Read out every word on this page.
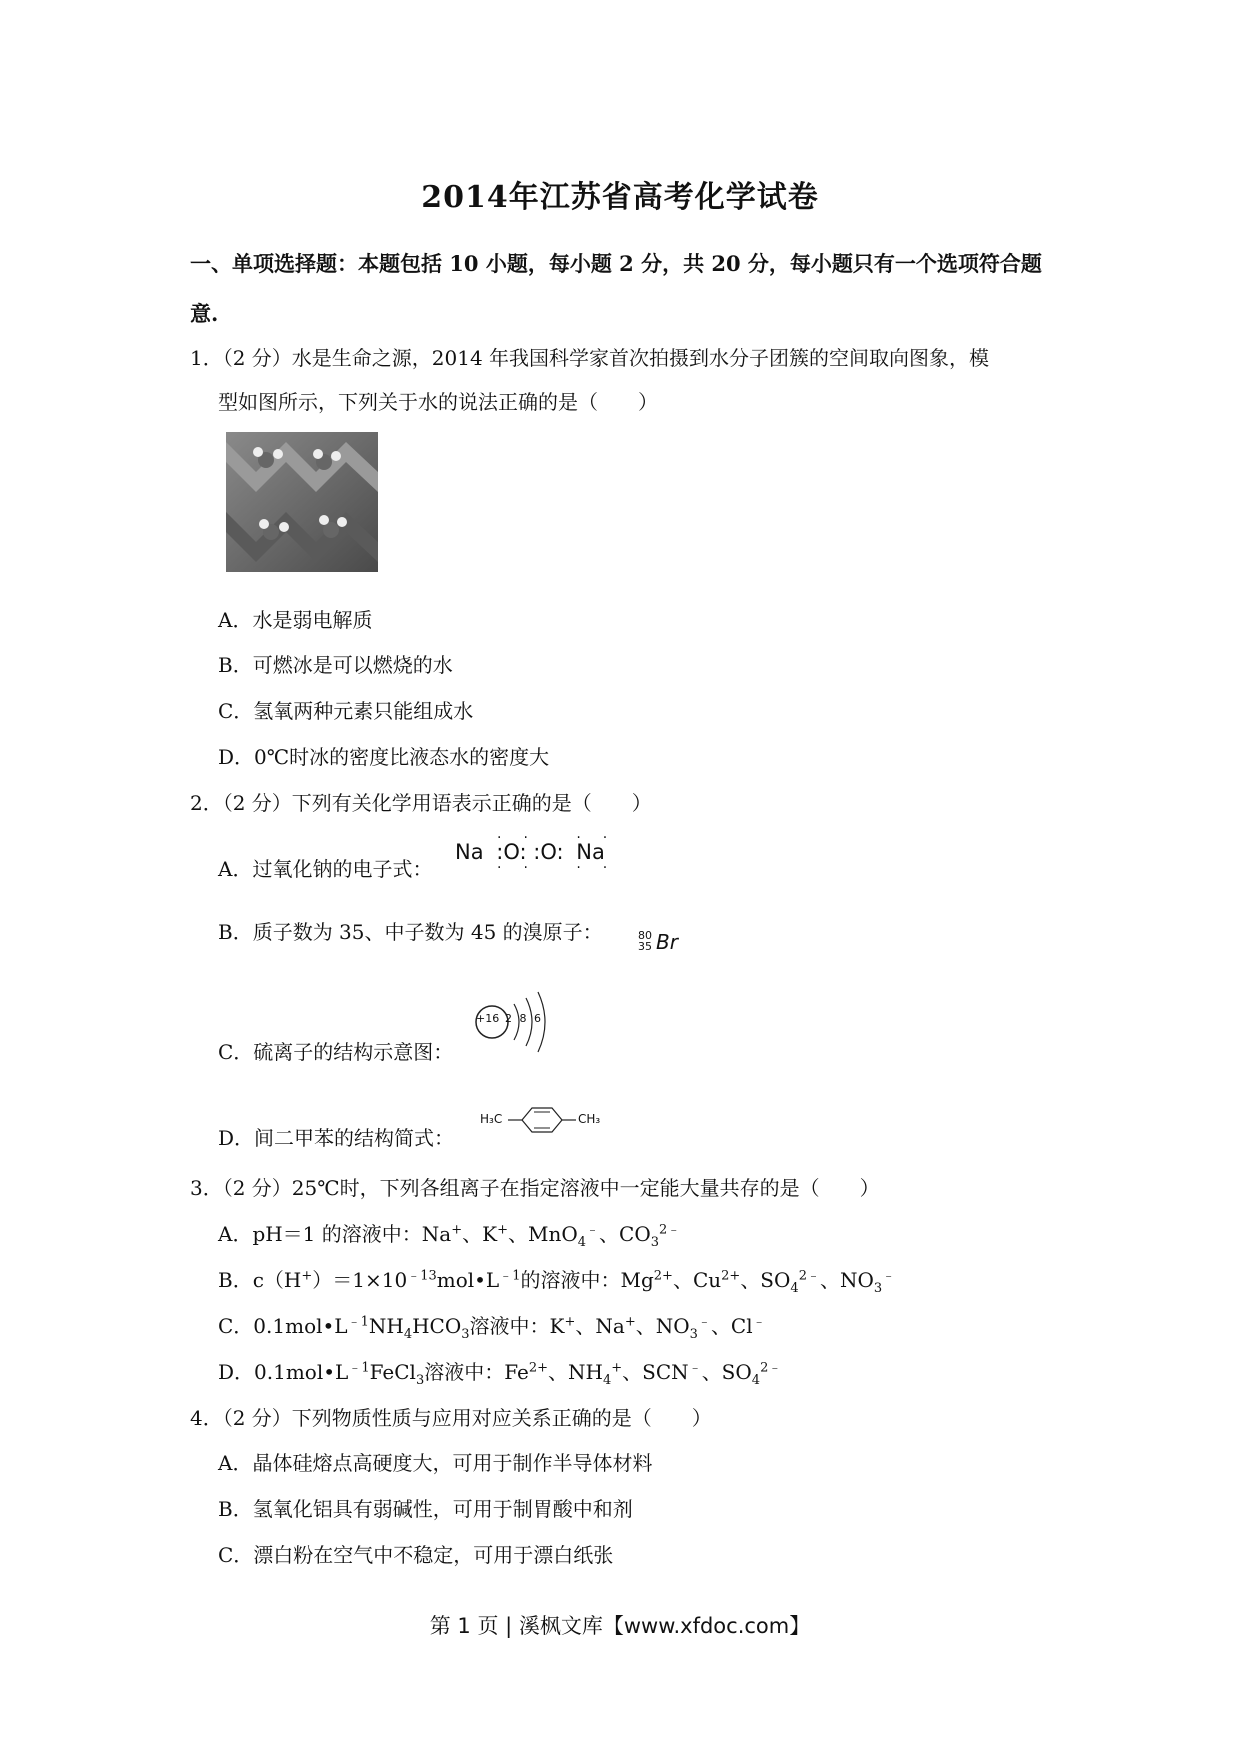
2014年江苏省高考化学试卷
一、单项选择题：本题包括 10 小题，每小题 2 分，共 20 分，每小题只有一个选项符合题
意.
1．（2 分）水是生命之源，2014 年我国科学家首次拍摄到水分子团簇的空间取向图象，模
型如图所示，下列关于水的说法正确的是（　　）
A．水是弱电解质
B．可燃冰是可以燃烧的水
C．氢氧两种元素只能组成水
D．0℃时冰的密度比液态水的密度大
2．（2 分）下列有关化学用语表示正确的是（　　）
A．过氧化钠的电子式：
Na :O: :O: Na
·· ··
·· ··
B．质子数为 35、中子数为 45 的溴原子：	80
35 Br
C．硫离子的结构示意图：
+16 2 8 6
D．间二甲苯的结构简式：
H₃C	CH₃
3．（2 分）25℃时，下列各组离子在指定溶液中一定能大量共存的是（　　）
A．pH＝1 的溶液中：Na+、K+、MnO$_4$﹣、$CO_3^{2﹣}$
B．$c(H^+)=1\times 10^{﹣13}mol•L^{﹣1}$的溶液中：$Mg^{2+}$、$Cu^{2+}$、$SO_4^{2﹣}$、$NO_3^﹣$
C．$0.1mol•L^{﹣1}NH_4HCO_3$溶液中：K+、Na+、$NO_3^﹣$、Cl﹣
D．$0.1mol•L^{﹣1}FeCl_3$溶液中：$Fe^{2+}$、$NH_4^+$、SCN﹣、$SO_4^{2﹣}$
4．（2 分）下列物质性质与应用对应关系正确的是（　　）
A．晶体硅熔点高硬度大，可用于制作半导体材料
B．氢氧化铝具有弱碱性，可用于制胃酸中和剂
C．漂白粉在空气中不稳定，可用于漂白纸张
第 1 页 | 溪枫文库【www.xfdoc.com】
